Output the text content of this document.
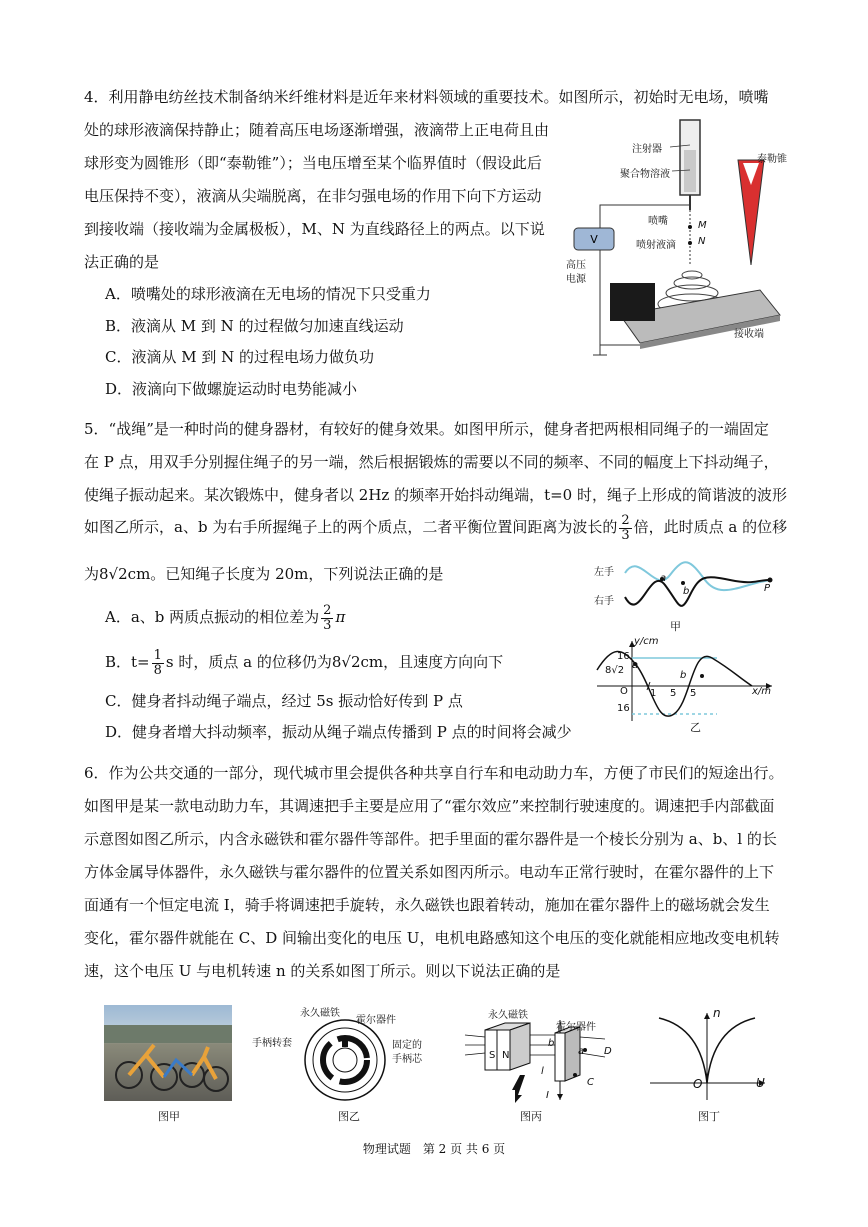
4．利用静电纺丝技术制备纳米纤维材料是近年来材料领域的重要技术。如图所示，初始时无电场，喷嘴
处的球形液滴保持静止；随着高压电场逐渐增强，液滴带上正电荷且由
球形变为圆锥形（即“泰勒锥”）；当电压增至某个临界值时（假设此后
电压保持不变），液滴从尖端脱离，在非匀强电场的作用下向下方运动
到接收端（接收端为金属极板），M、N 为直线路径上的两点。以下说
法正确的是
A．喷嘴处的球形液滴在无电场的情况下只受重力
B．液滴从 M 到 N 的过程做匀加速直线运动
C．液滴从 M 到 N 的过程电场力做负功
D．液滴向下做螺旋运动时电势能减小
V
注射器
聚合物溶液
泰勒锥
喷嘴
喷射液滴
M
N
高压
电源
接收端
5．“战绳”是一种时尚的健身器材，有较好的健身效果。如图甲所示，健身者把两根相同绳子的一端固定
在 P 点，用双手分别握住绳子的另一端，然后根据锻炼的需要以不同的频率、不同的幅度上下抖动绳子，
使绳子振动起来。某次锻炼中，健身者以 2Hz 的频率开始抖动绳端，t=0 时，绳子上形成的简谐波的波形
如图乙所示，a、b 为右手所握绳子上的两个质点，二者平衡位置间距离为波长的 $\frac{2}{3}$ 倍，此时质点 a 的位移
为8√2cm。已知绳子长度为 20m，下列说法正确的是
A．a、b 两质点振动的相位差为 $\frac{2}{3}$ π
B．$t= \frac{1}{8}$ s 时，质点 a 的位移仍为8√2cm，且速度方向向下
C．健身者抖动绳子端点，经过 5s 振动恰好传到 P 点
D．健身者增大抖动频率，振动从绳子端点传播到 P 点的时间将会减少
左手
右手
a
b	P
甲
y/cm
x/m
16
8√2
16
O 1 5 5
a
b
乙
6．作为公共交通的一部分，现代城市里会提供各种共享自行车和电动助力车，方便了市民们的短途出行。
如图甲是某一款电动助力车，其调速把手主要是应用了“霍尔效应”来控制行驶速度的。调速把手内部截面
示意图如图乙所示，内含永磁铁和霍尔器件等部件。把手里面的霍尔器件是一个棱长分别为 a、b、l 的长
方体金属导体器件，永久磁铁与霍尔器件的位置关系如图丙所示。电动车正常行驶时，在霍尔器件的上下
面通有一个恒定电流 I，骑手将调速把手旋转，永久磁铁也跟着转动，施加在霍尔器件上的磁场就会发生
变化，霍尔器件就能在 C、D 间输出变化的电压 U，电机电路感知这个电压的变化就能相应地改变电机转
速，这个电压 U 与电机转速 n 的关系如图丁所示。则以下说法正确的是
图甲
永久磁铁
霍尔器件
手柄转套	固定的
手柄芯
图乙
永久磁铁
霍尔器件
S N	a
b
l
I
C
D
图丙
n
O	U
图丁
物理试题　第 2 页 共 6 页
